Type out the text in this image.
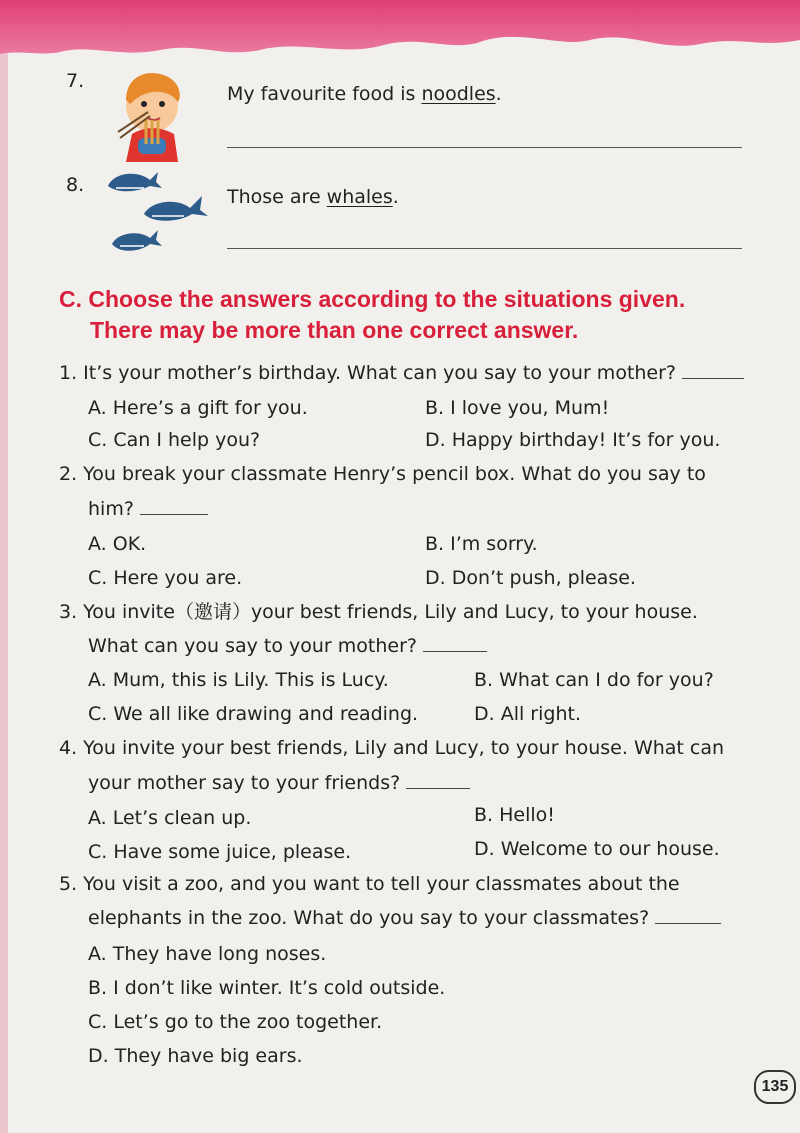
7.
My favourite food is noodles.
8.
Those are whales.
C. Choose the answers according to the situations given.
There may be more than one correct answer.
1. It’s your mother’s birthday. What can you say to your mother?
A. Here’s a gift for you.	B. I love you, Mum!
C. Can I help you?	D. Happy birthday! It’s for you.
2. You break your classmate Henry’s pencil box. What do you say to
him?
A. OK.	B. I’m sorry.
C. Here you are.	D. Don’t push, please.
3. You invite（邀请）your best friends, Lily and Lucy, to your house.
What can you say to your mother?
A. Mum, this is Lily. This is Lucy.	B. What can I do for you?
C. We all like drawing and reading.	D. All right.
4. You invite your best friends, Lily and Lucy, to your house. What can
your mother say to your friends?
A. Let’s clean up.	B. Hello!
C. Have some juice, please.	D. Welcome to our house.
5. You visit a zoo, and you want to tell your classmates about the
elephants in the zoo. What do you say to your classmates?
A. They have long noses.
B. I don’t like winter. It’s cold outside.
C. Let’s go to the zoo together.
D. They have big ears.
135
